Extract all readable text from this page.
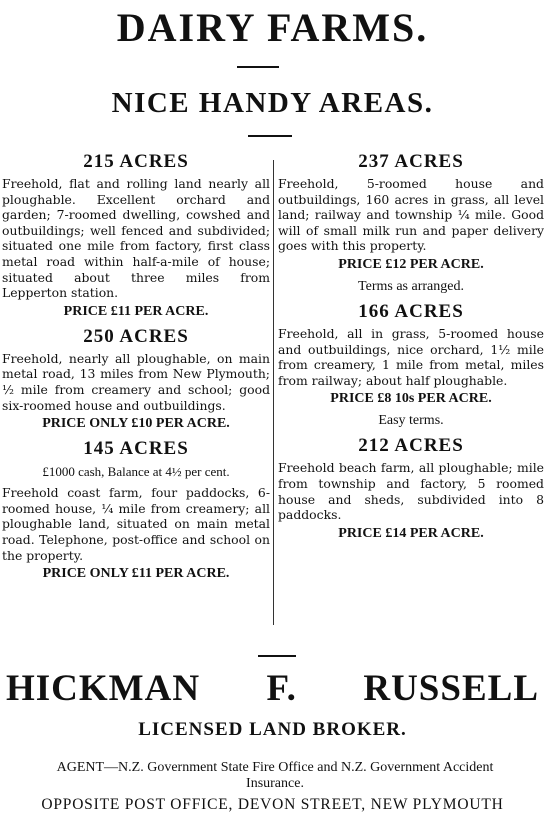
DAIRY FARMS.
NICE HANDY AREAS.
215 ACRES

Freehold, flat and rolling land nearly all ploughable. Excellent orchard and garden; 7-roomed dwelling, cowshed and outbuildings; well fenced and subdivided; situated one mile from factory, first class metal road within half-a-mile of house; situated about three miles from Lepperton station.

PRICE £11 PER ACRE.
250 ACRES

Freehold, nearly all ploughable, on main metal road, 13 miles from New Plymouth; ½ mile from creamery and school; good six-roomed house and outbuildings.

PRICE ONLY £10 PER ACRE.
145 ACRES
£1000 cash, Balance at 4½ per cent.

Freehold coast farm, four paddocks, 6-roomed house, ¼ mile from creamery; all ploughable land, situated on main metal road. Telephone, post-office and school on the property.

PRICE ONLY £11 PER ACRE.
237 ACRES

Freehold, 5-roomed house and outbuildings, 160 acres in grass, all level land; railway and township ¼ mile. Good will of small milk run and paper delivery goes with this property.

PRICE £12 PER ACRE.
Terms as arranged.
166 ACRES

Freehold, all in grass, 5-roomed house and outbuildings, nice orchard, 1½ mile from creamery, 1 mile from metal, miles from railway; about half ploughable.

PRICE £8 10s PER ACRE.
Easy terms.
212 ACRES

Freehold beach farm, all ploughable; mile from township and factory, 5 roomed house and sheds, subdivided into 8 paddocks.

PRICE £14 PER ACRE.
HICKMAN F. RUSSELL
LICENSED LAND BROKER.
AGENT—N.Z. Government State Fire Office and N.Z. Government Accident Insurance.
OPPOSITE POST OFFICE, DEVON STREET, NEW PLYMOUTH
